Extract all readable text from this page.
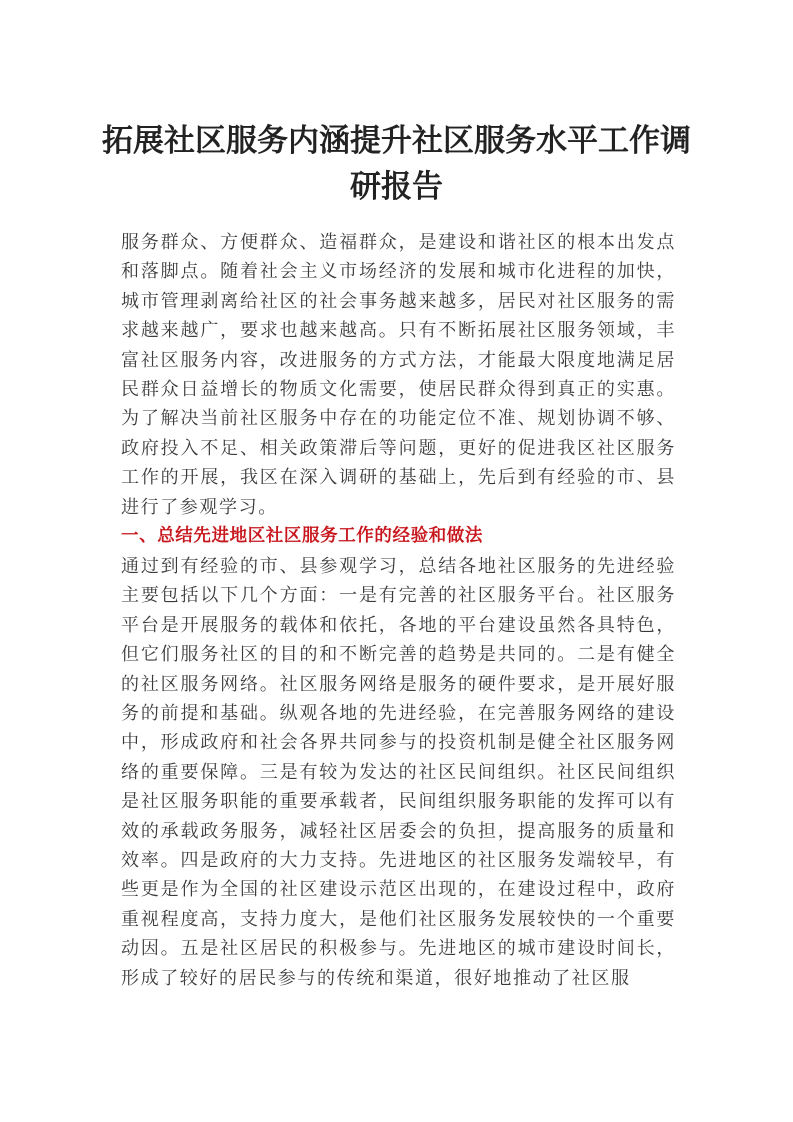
拓展社区服务内涵提升社区服务水平工作调研报告

服务群众、方便群众、造福群众，是建设和谐社区的根本出发点和落脚点。随着社会主义市场经济的发展和城市化进程的加快，城市管理剥离给社区的社会事务越来越多，居民对社区服务的需求越来越广，要求也越来越高。只有不断拓展社区服务领域，丰富社区服务内容，改进服务的方式方法，才能最大限度地满足居民群众日益增长的物质文化需要，使居民群众得到真正的实惠。为了解决当前社区服务中存在的功能定位不准、规划协调不够、政府投入不足、相关政策滞后等问题，更好的促进我区社区服务工作的开展，我区在深入调研的基础上，先后到有经验的市、县进行了参观学习。

一、总结先进地区社区服务工作的经验和做法

通过到有经验的市、县参观学习，总结各地社区服务的先进经验主要包括以下几个方面：一是有完善的社区服务平台。社区服务平台是开展服务的载体和依托，各地的平台建设虽然各具特色，但它们服务社区的目的和不断完善的趋势是共同的。二是有健全的社区服务网络。社区服务网络是服务的硬件要求，是开展好服务的前提和基础。纵观各地的先进经验，在完善服务网络的建设中，形成政府和社会各界共同参与的投资机制是健全社区服务网络的重要保障。三是有较为发达的社区民间组织。社区民间组织是社区服务职能的重要承载者，民间组织服务职能的发挥可以有效的承载政务服务，减轻社区居委会的负担，提高服务的质量和效率。四是政府的大力支持。先进地区的社区服务发端较早，有些更是作为全国的社区建设示范区出现的，在建设过程中，政府重视程度高，支持力度大，是他们社区服务发展较快的一个重要动因。五是社区居民的积极参与。先进地区的城市建设时间长，形成了较好的居民参与的传统和渠道，很好地推动了社区服
